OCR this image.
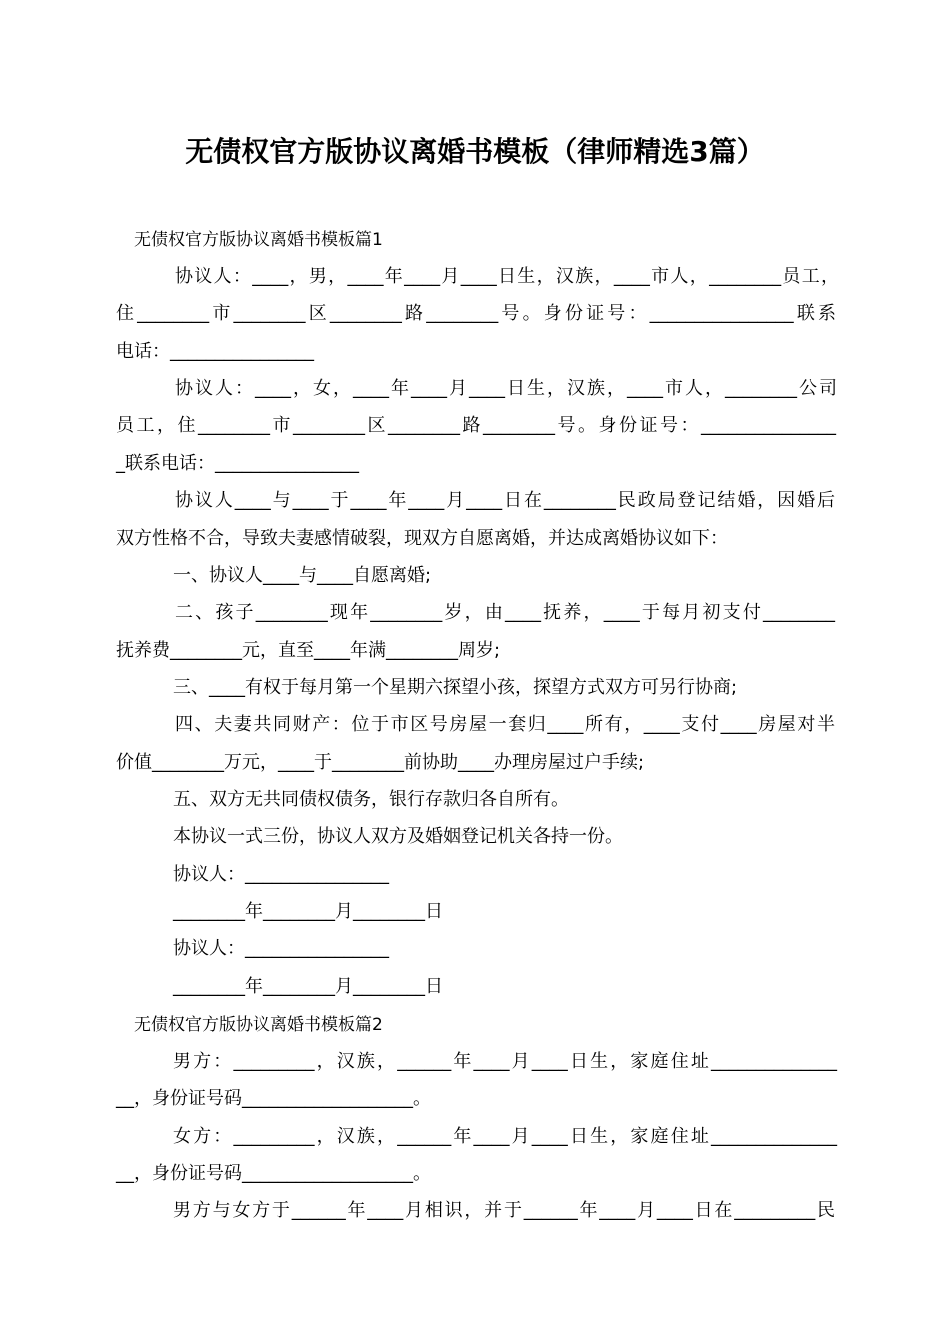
无债权官方版协议离婚书模板（律师精选3篇）
无债权官方版协议离婚书模板篇1
协议人：____，男，____年____月____日生，汉族，____市人，________员工，
住________市________区________路________号。身份证号：________________联系
电话：________________
协议人：____，女，____年____月____日生，汉族，____市人，________公司
员工，住________市________区________路________号。身份证号：_______________
_联系电话：________________
协议人____与____于____年____月____日在________民政局登记结婚，因婚后
双方性格不合，导致夫妻感情破裂，现双方自愿离婚，并达成离婚协议如下：
一、协议人____与____自愿离婚;
二、孩子________现年________岁，由____抚养，____于每月初支付________
抚养费________元，直至____年满________周岁;
三、____有权于每月第一个星期六探望小孩，探望方式双方可另行协商;
四、夫妻共同财产：位于市区号房屋一套归____所有，____支付____房屋对半
价值________万元，____于________前协助____办理房屋过户手续;
五、双方无共同债权债务，银行存款归各自所有。
本协议一式三份，协议人双方及婚姻登记机关各持一份。
协议人：________________
________年________月________日
协议人：________________
________年________月________日
无债权官方版协议离婚书模板篇2
男方：_________，汉族，______年____月____日生，家庭住址______________
__，身份证号码___________________。
女方：_________，汉族，______年____月____日生，家庭住址______________
__，身份证号码___________________。
男方与女方于______年____月相识，并于______年____月____日在_________民
